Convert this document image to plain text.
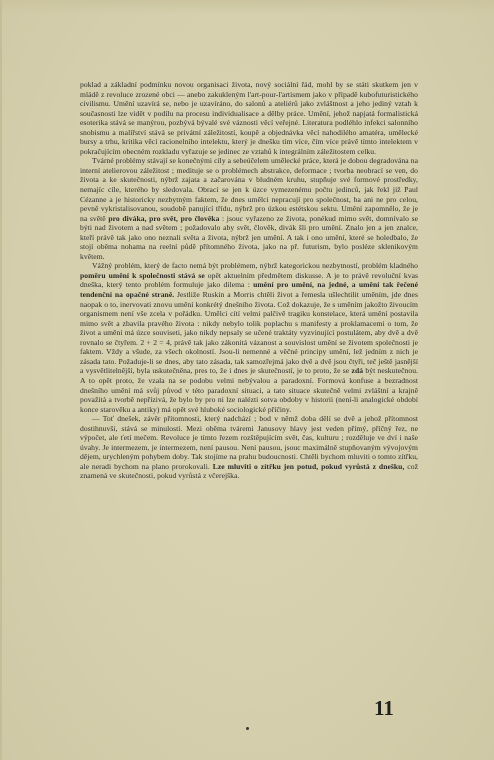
poklad a základní podmínku novou organisaci života, nový sociální řád, mohl by se státi skutkem jen v mládě z revoluce zrozené obci — anebo zakukleným l'art-pour-l'artismem jako v případě kubofuturistického civilismu. Umění uzavírá se, nebo je uzavíráno, do salonů a ateliérů jako zvláštnost a jeho jediný vztah k současnosti lze vidět v podílu na procesu individualisace a dělby práce. Umění, jehož napjatá formalistická esoterika stává se manýrou, pozbývá bývalé své váznosti věcí veřejné. Literatura podléhlo infekci salonního snobismu a malířství stává se privátní záležitostí, koupě a objednávka věcí nahodilého amatéra, umělecké bursy a trhu, kritika věcí racionelního intelektu, který je dnešku tím více, čím více právě tímto intelektem v pokračujícím obecném rozkladu vyřazuje se jedinec ze vztahů k integrálním záležitostem celku.

Tvárné problémy stávají se konečnými cíly a sebeúčelem umělecké práce, která je dobou degradována na interní atelierovou záležitost ; meditujе se o problémech abstrakce, deformace ; tvorba neobrací se ven, do života a ke skutečnosti, nýbrž zajatа a začarována v bludném kruhu, stupňuje své formové prostředky, nemajíc cíle, kterého by sledovala. Obrací se jen k úzce vymezenému počtu jedinců, jak řekl již Paul Cézanne a je historicky nezbytným faktem, že dnes umělci nepracují pro společnost, ba ani ne pro celou, pevně vykristalisovanou, soudobě panující třídu, nýbrž pro úzkou estétskou sektu. Umění zapomnělo, že je na světě pro diváka, pro svět, pro člověka : jsouc vyřazeno ze života, ponékud mimo svět, domnívalo se býti nad životem a nad světem ; požadovalo aby svět, člověk, divák šli pro umění. Znalo jen a jen znalce, kteří právě tak jako ono neznali světa a života, nýbrž jen umění. A tak i ono umění, které se holedbalo, že stojí oběma nohama na reelní půdě přítomného života, jako na př. futurism, bylo posléze sklenikovým květem.

Vážný problém, který de facto nemá být problémem, nýbrž kategorickou nezbytností, problém kladného poměru umění k společnosti stává se opět aktuelním předmětem diskusse. A je to právě revoluční kvas dneška, který tento problém formuluje jako dilema : umění pro umění, na jedné, a umění tak řečené tendenční na opačné straně. Jestliže Ruskin a Morris chtěli život a řemesla ušlechtilit uměním, jde dnes naopak o to, inervovati znovu umění konkrétý dnešního života. Což dokazuje, že s uměním jakožto živoucím organismem není vše zcela v pořádku. Umělci cítí velmi palčivě tragiku konstelace, která umění postavila mimo svět a zbavila pravého života : nikdy nebylo tolik poplachu s manifesty a proklamacemi o tom, že život a umění má úzce souviseti, jako nikdy nepsaly se učené traktáty vyzvinující postulátem, aby dvě a dvě rovnalo se čtyřem. 2 + 2 = 4, právě tak jako zákonitá vázanost a souvislost umění se životem společnosti je faktem. Vždy a všude, za všech okolností. Jsou-li nemenné a věčné principy umění, lež jedním z nich je zásada tato. Požaduje-li se dnes, aby tato zásada, tak samozřejmá jako dvě a dvě jsou čtyři, teč ještě jasnější a vysvětlitelnější, byla uskutečněna, pres to, že i dnes je skutečností, je to proto, že se zdá být neskutečnou. A to opět proto, že vzala na se podobu velmi nebývalou a paradoxní. Formová konfuse a bezradnost dnešního umění má svůj původ v této paradoxní situaci, a tato situace skutečně velmi zvláštní a krajně považitá a tvorbě nepřízivá, že bylo by pro ni lze nalézti sotva obdoby v historii (není-li analogické období konce starověku a antiky) má opět své hluboké sociologické příčiny.

— Toť dnešek, závěr přítomnosti, který nadchází ; bod v němž doba dělí se dvě a jehož přítomnost dostihnuvši, stává se minulostí. Mezi oběma tváremi Janusovy hlavy jest veden přímý, příčný řez, ne výpočet, ale ťetí mečem. Revoluce je tímto řezem rozštěpujícím svět, čas, kulturu ; rozděluje ve dví i naše úvahy. Je intermezem, je intermezem, není pausou. Není pausou, jsouc maximálně stupňovaným vývojovým dějem, urychleným pohybem doby. Tak stojíme na prahu budoucnosti. Chtěli bychom mluviti o tomto zítřku, ale neradi bychom na plano prorokovali. Lze mluviti o zítřku jen potud, pokud vyrůstá z dnešku, což znamená ve skutečnosti, pokud vyrůstá z včerejška.

11
